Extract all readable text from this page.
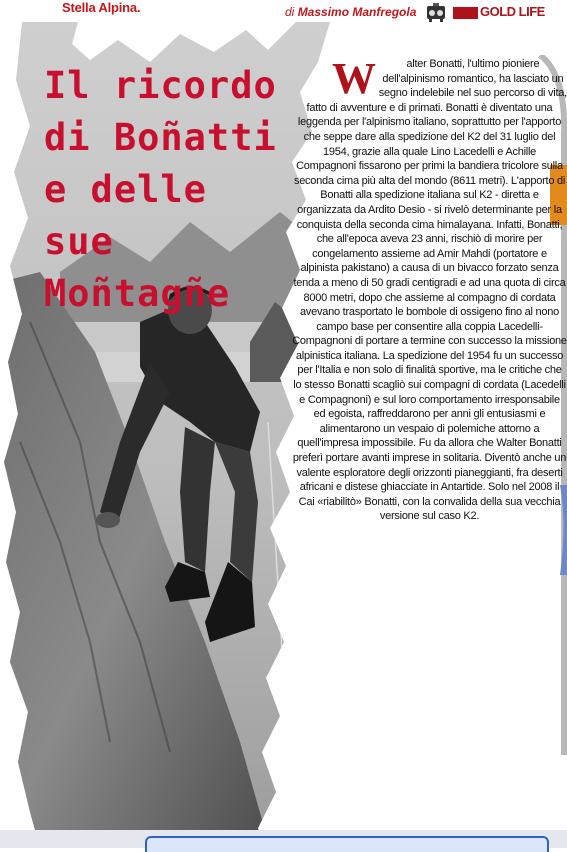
Stella Alpina.	di Massimo Manfregola	GOLD LIFE
Il ricordo
di Boñatti
e delle sue
Moñtagñe
W	alter Bonatti, l'ultimo pioniere dell'alpinismo romantico, ha lasciato un segno indelebile nel suo percorso di vita, fatto di avventure e di primati. Bonatti è diventato una leggenda per l'alpinismo italiano, soprattutto per l'apporto che seppe dare alla spedizione del K2 del 31 luglio del 1954, grazie alla quale Lino Lacedelli e Achille Compagnoni fissarono per primi la bandiera tricolore sulla seconda cima più alta del mondo (8611 metri). L'apporto di Bonatti alla spedizione italiana sul K2 - diretta e organizzata da Ardito Desio - si rivelò determinante per la conquista della seconda cima himalayana. Infatti, Bonatti, che all'epoca aveva 23 anni, rischiò di morire per congelamento assieme ad Amir Mahdi (portatore e alpinista pakistano) a causa di un bivacco forzato senza tenda a meno di 50 gradi centigradi e ad una quota di circa 8000 metri, dopo che assieme al compagno di cordata avevano trasportato le bombole di ossigeno fino al nono campo base per consentire alla coppia Lacedelli-Compagnoni di portare a termine con successo la missione alpinistica italiana. La spedizione del 1954 fu un successo per l'Italia e non solo di finalità sportive, ma le critiche che lo stesso Bonatti scagliò sui compagni di cordata (Lacedelli e Compagnoni) e sul loro comportamento irresponsabile ed egoista, raffreddarono per anni gli entusiasmi e alimentarono un vespaio di polemiche attorno a quell'impresa impossibile. Fu da allora che Walter Bonatti preferì portare avanti imprese in solitaria. Diventò anche un valente esploratore degli orizzonti pianeggianti, fra deserti africani e distese ghiacciate in Antartide. Solo nel 2008 il Cai «riabilitò» Bonatti, con la convalida della sua vecchia versione sul caso K2.
